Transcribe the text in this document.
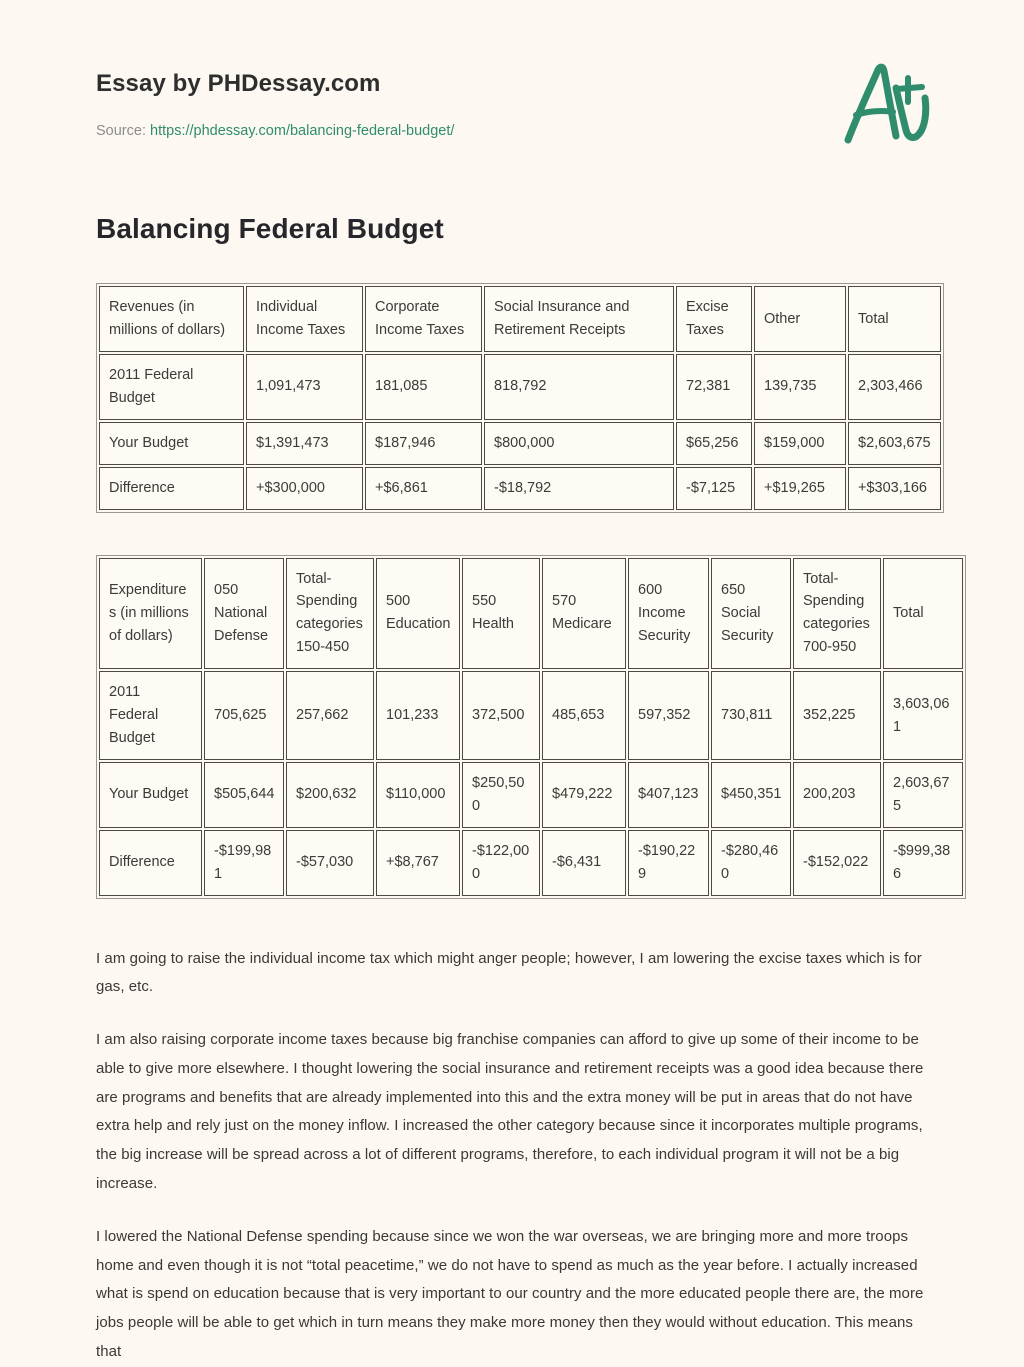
Essay by PHDessay.com
Source: https://phdessay.com/balancing-federal-budget/
Balancing Federal Budget
Revenues (in millions of dollars)	Individual Income Taxes	Corporate Income Taxes	Social Insurance and Retirement Receipts	Excise Taxes	Other	Total
2011 Federal Budget	1,091,473	181,085	818,792	72,381	139,735	2,303,466
Your Budget	$1,391,473	$187,946	$800,000	$65,256	$159,000	$2,603,675
Difference	+$300,000	+$6,861	-$18,792	-$7,125	+$19,265	+$303,166
Expenditures (in millions of dollars)	050 National Defense	Total-Spending categories 150-450	500 Education	550 Health	570 Medicare	600 Income Security	650 Social Security	Total-Spending categories 700-950	Total
2011 Federal Budget	705,625	257,662	101,233	372,500	485,653	597,352	730,811	352,225	3,603,061
Your Budget	$505,644	$200,632	$110,000	$250,500	$479,222	$407,123	$450,351	200,203	2,603,675
Difference	-$199,981	-$57,030	+$8,767	-$122,000	-$6,431	-$190,229	-$280,460	-$152,022	-$999,386

I am going to raise the individual income tax which might anger people; however, I am lowering the excise taxes which is for gas, etc.

I am also raising corporate income taxes because big franchise companies can afford to give up some of their income to be able to give more elsewhere. I thought lowering the social insurance and retirement receipts was a good idea because there are programs and benefits that are already implemented into this and the extra money will be put in areas that do not have extra help and rely just on the money inflow. I increased the other category because since it incorporates multiple programs, the big increase will be spread across a lot of different programs, therefore, to each individual program it will not be a big increase.

I lowered the National Defense spending because since we won the war overseas, we are bringing more and more troops home and even though it is not “total peacetime,” we do not have to spend as much as the year before. I actually increased what is spend on education because that is very important to our country and the more educated people there are, the more jobs people will be able to get which in turn means they make more money then they would without education. This means that
